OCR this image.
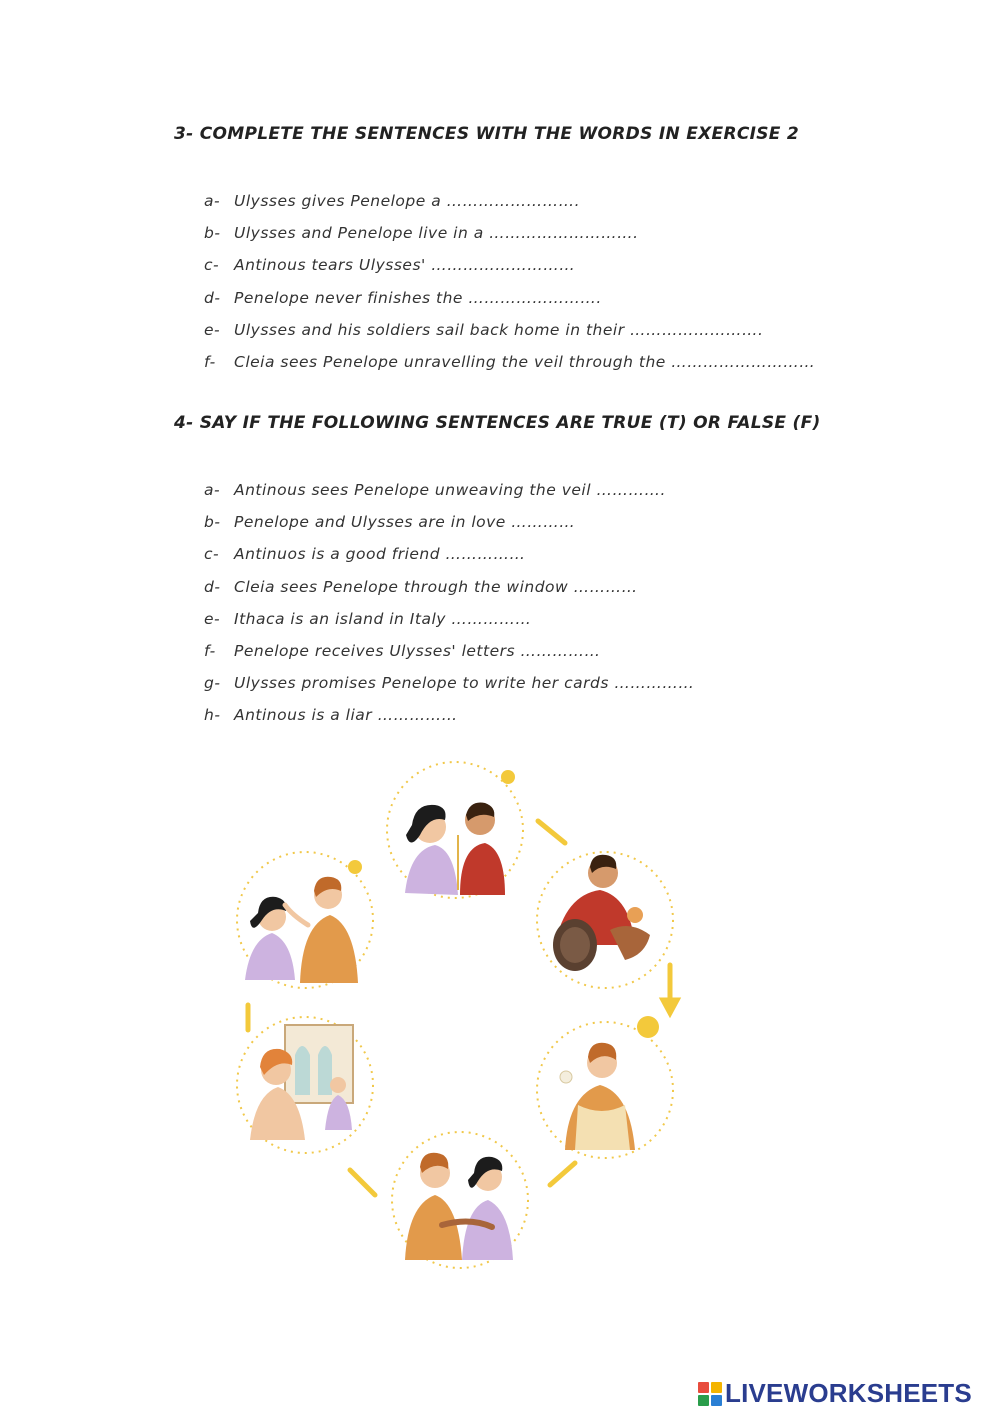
3- COMPLETE THE SENTENCES WITH THE WORDS IN EXERCISE 2
a- Ulysses gives Penelope a …………………….
b- Ulysses and Penelope live in a ……………………….
c- Antinous tears Ulysses' ………………………
d- Penelope never finishes the …………………….
e- Ulysses and his soldiers sail back home in their …………………….
f- Cleia sees Penelope unravelling the veil through the ………………………
4- SAY IF THE FOLLOWING SENTENCES ARE TRUE (T) OR FALSE (F)
a- Antinous sees Penelope unweaving the veil ………….
b- Penelope and Ulysses are in love …………
c- Antinuos is a good friend ……………
d- Cleia sees Penelope through the window …………
e- Ithaca is an island in Italy ……………
f- Penelope receives Ulysses' letters ……………
g- Ulysses promises Penelope to write her cards ……………
h- Antinous is a liar ……………
LIVEWORKSHEETS
